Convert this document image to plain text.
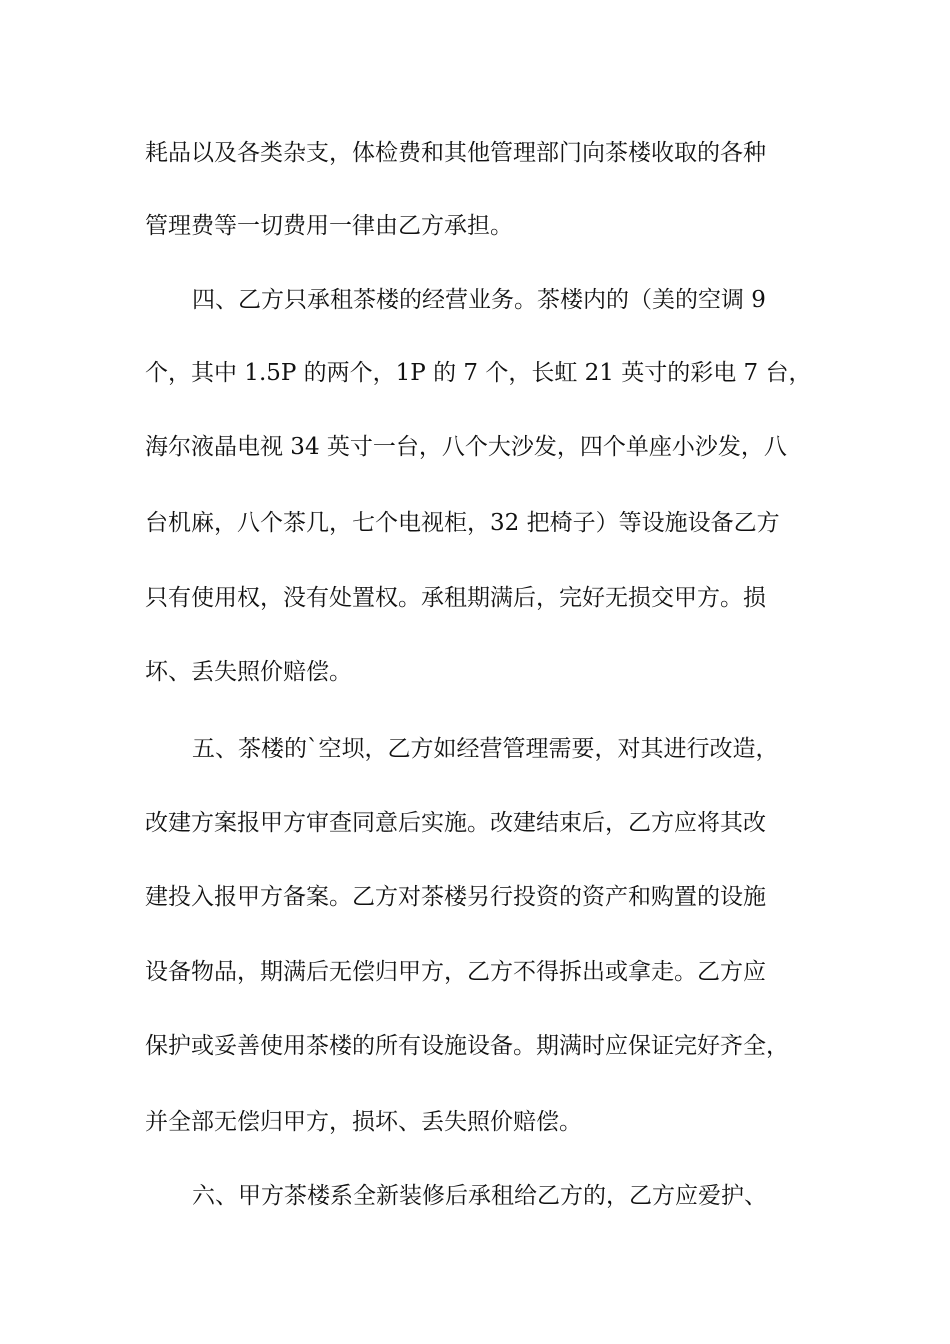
耗品以及各类杂支，体检费和其他管理部门向茶楼收取的各种

管理费等一切费用一律由乙方承担。

四、乙方只承租茶楼的经营业务。茶楼内的（美的空调 9

个，其中 1.5P 的两个，1P 的 7 个，长虹 21 英寸的彩电 7 台，

海尔液晶电视 34 英寸一台，八个大沙发，四个单座小沙发，八

台机麻，八个茶几，七个电视柜，32 把椅子）等设施设备乙方

只有使用权，没有处置权。承租期满后，完好无损交甲方。损

坏、丢失照价赔偿。

五、茶楼的`空坝，乙方如经营管理需要，对其进行改造，

改建方案报甲方审查同意后实施。改建结束后，乙方应将其改

建投入报甲方备案。乙方对茶楼另行投资的资产和购置的设施

设备物品，期满后无偿归甲方，乙方不得拆出或拿走。乙方应

保护或妥善使用茶楼的所有设施设备。期满时应保证完好齐全，

并全部无偿归甲方，损坏、丢失照价赔偿。

六、甲方茶楼系全新装修后承租给乙方的，乙方应爱护、
